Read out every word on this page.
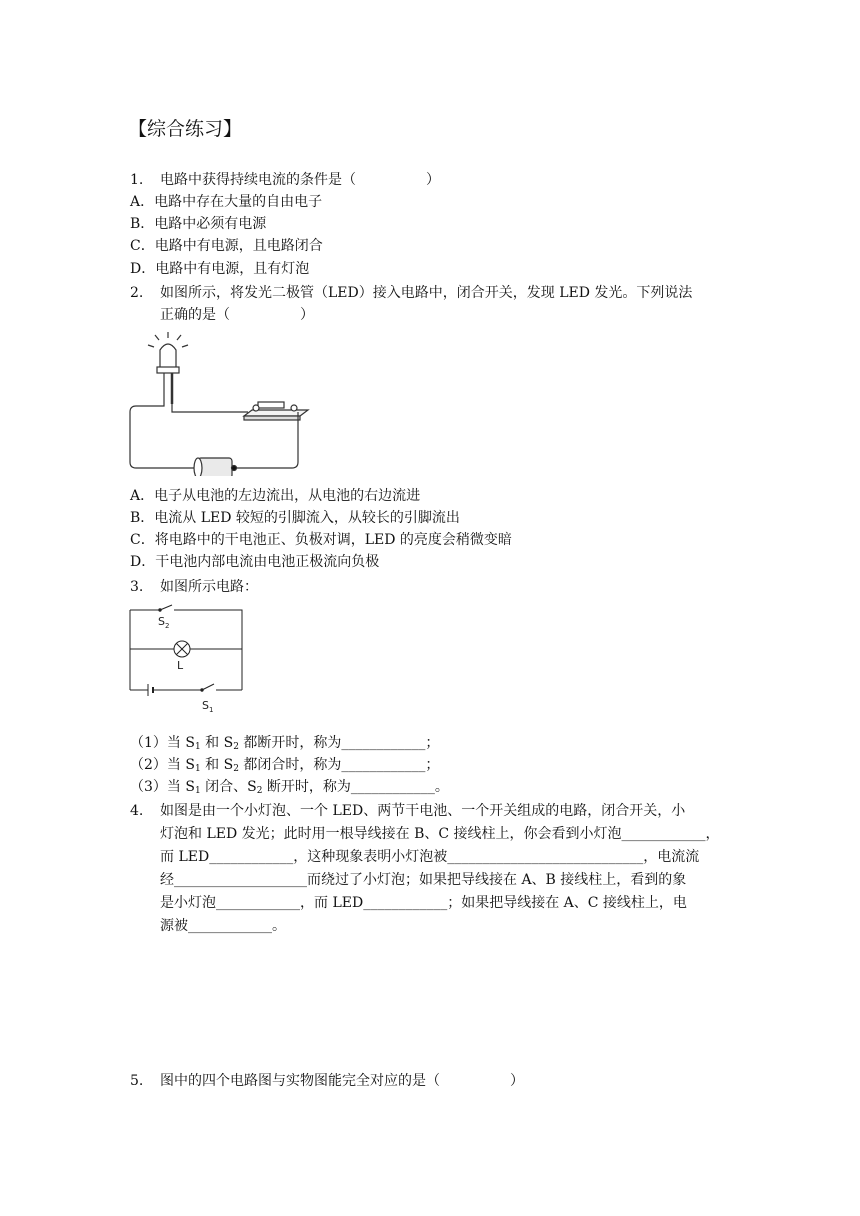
【综合练习】
1. 电路中获得持续电流的条件是（　　　　　）
A．电路中存在大量的自由电子
B．电路中必须有电源
C．电路中有电源，且电路闭合
D．电路中有电源，且有灯泡
2. 如图所示，将发光二极管（LED）接入电路中，闭合开关，发现 LED 发光。下列说法
正确的是（　　　　　）
A．电子从电池的左边流出，从电池的右边流进
B．电流从 LED 较短的引脚流入，从较长的引脚流出
C．将电路中的干电池正、负极对调，LED 的亮度会稍微变暗
D．干电池内部电流由电池正极流向负极
3. 如图所示电路：
$S_2$
L
$S_1$
（1）当 $S_1$ 和 $S_2$ 都断开时，称为____________；
（2）当 $S_1$ 和 $S_2$ 都闭合时，称为____________；
（3）当 $S_1$ 闭合、$S_2$ 断开时，称为____________。
4. 如图是由一个小灯泡、一个 LED、两节干电池、一个开关组成的电路，闭合开关，小
灯泡和 LED 发光；此时用一根导线接在 B、C 接线柱上，你会看到小灯泡____________，
而 LED____________，这种现象表明小灯泡被____________________________，电流流
经___________________而绕过了小灯泡；如果把导线接在 A、B 接线柱上，看到的象
是小灯泡____________，而 LED____________；如果把导线接在 A、C 接线柱上，电
源被____________。
5. 图中的四个电路图与实物图能完全对应的是（　　　　　）
